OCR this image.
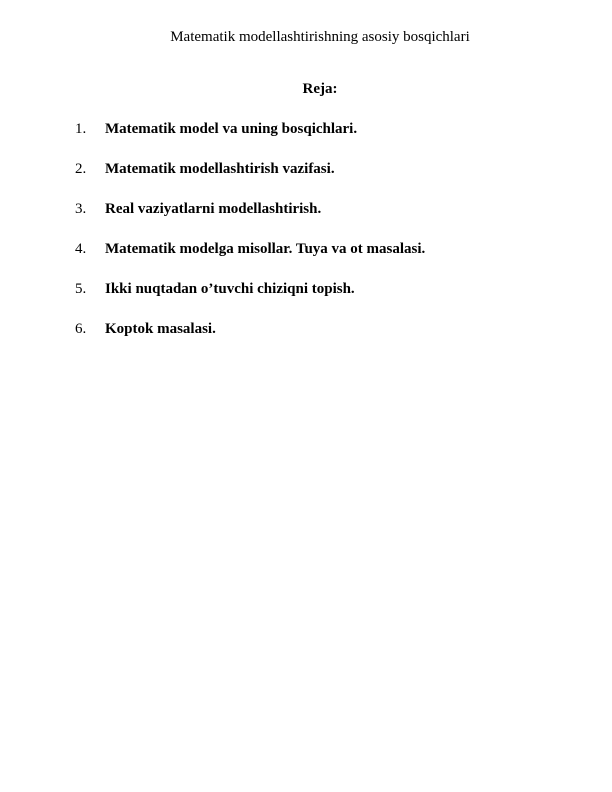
Matematik modellashtirishning asosiy bosqichlari
Reja:
1. Matematik model va uning bosqichlari.
2. Matematik modellashtirish vazifasi.
3. Real vaziyatlarni modellashtirish.
4. Matematik modelga misollar. Tuya va ot masalasi.
5. Ikki nuqtadan o’tuvchi chiziqni topish.
6. Koptok masalasi.
